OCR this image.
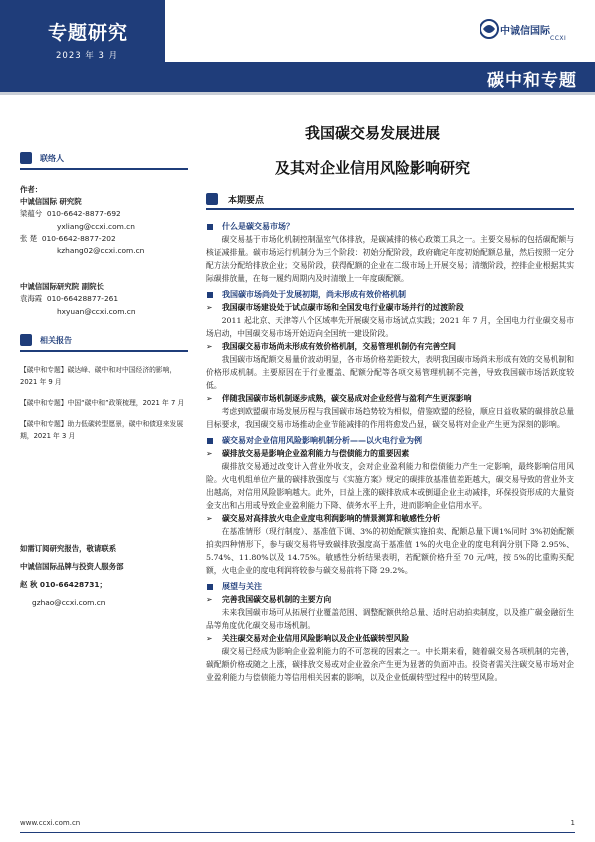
专题研究
2023 年 3 月
中诚信国际
CCXI
碳中和专题
我国碳交易发展进展
及其对企业信用风险影响研究
联络人
作者：
中诚信国际 研究院
梁蕴兮 010-6642-8877-692
yxliang@ccxi.com.cn
张 楚 010-6642-8877-202
kzhang02@ccxi.com.cn
中诚信国际研究院 副院长
袁海霞 010-66428877-261
hxyuan@ccxi.com.cn
相关报告
【碳中和专题】碳达峰、碳中和对中国经济的影响，2021 年 9 月
【碳中和专题】中国“碳中和”政策梳理，2021 年 7 月
【碳中和专题】助力低碳转型愿景，碳中和债迎来发展期，2021 年 3 月
如需订阅研究报告，敬请联系
中诚信国际品牌与投资人服务部
赵 秋 010-66428731；
gzhao@ccxi.com.cn
本期要点
什么是碳交易市场？
碳交易基于市场化机制控制温室气体排放，是碳减排的核心政策工具之一。主要交易标的包括碳配额与核证减排量。碳市场运行机制分为三个阶段：初始分配阶段，政府确定年度初始配额总量，然后按照一定分配方法分配给排放企业；交易阶段，获得配额的企业在二级市场上开展交易；清缴阶段，控排企业根据其实际碳排放量，在每一履约周期内及时清缴上一年度碳配额。
我国碳市场尚处于发展初期，尚未形成有效价格机制
➢ 我国碳市场建设处于试点碳市场和全国发电行业碳市场并行的过渡阶段
2011 起北京、天津等八个区域率先开展碳交易市场试点实践；2021 年 7 月，全国电力行业碳交易市场启动，中国碳交易市场开始迈向全国统一建设阶段。
➢ 我国碳交易市场尚未形成有效价格机制，交易管理机制仍有完善空间
我国碳市场配额交易量价波动明显，各市场价格差距较大，表明我国碳市场尚未形成有效的交易机制和价格形成机制。主要原因在于行业覆盖、配额分配等各项交易管理机制不完善，导致我国碳市场活跃度较低。
➢ 伴随我国碳市场机制逐步成熟，碳交易成对企业经营与盈利产生更深影响
考虑到欧盟碳市场发展历程与我国碳市场趋势较为相似，借鉴欧盟的经验，顺应日益收紧的碳排放总量目标要求，我国碳交易市场推动企业节能减排的作用将愈发凸显，碳交易将对企业产生更为深刻的影响。
碳交易对企业信用风险影响机制分析——以火电行业为例
➢ 碳排放交易是影响企业盈利能力与偿债能力的重要因素
碳排放交易通过改变计入营业外收支，会对企业盈利能力和偿债能力产生一定影响，最终影响信用风险。火电机组单位产量的碳排放强度与《实施方案》规定的碳排放基准值差距越大，碳交易导致的营业外支出越高，对信用风险影响越大。此外，日益上涨的碳排放成本或倒逼企业主动减排，环保投资形成的大量资金支出和占用或导致企业盈利能力下降、债务水平上升，进而影响企业信用水平。
➢ 碳交易对高排放火电企业度电利润影响的情景测算和敏感性分析
在基准情形（现行制度）、基准值下调、3%的初始配额实施拍卖、配额总量下调1%同时 3%初始配额拍卖四种情形下，参与碳交易将导致碳排放强度高于基准值 1%的火电企业的度电利润分别下降 2.95%、5.74%、11.80%以及 14.75%。敏感性分析结果表明，若配额价格升至 70 元/吨，按 5%的比重购买配额，火电企业的度电利润将较参与碳交易前将下降 29.2%。
展望与关注
➢ 完善我国碳交易机制的主要方向
未来我国碳市场可从拓展行业覆盖范围、调整配额供给总量、适时启动拍卖制度，以及推广碳金融衍生品等角度优化碳交易市场机制。
➢ 关注碳交易对企业信用风险影响以及企业低碳转型风险
碳交易已经成为影响企业盈利能力的不可忽视的因素之一。中长期来看，随着碳交易各项机制的完善，碳配额价格或随之上涨，碳排放交易或对企业盈余产生更为显著的负面冲击。投资者需关注碳交易市场对企业盈利能力与偿债能力等信用相关因素的影响，以及企业低碳转型过程中的转型风险。
www.ccxi.com.cn	1
